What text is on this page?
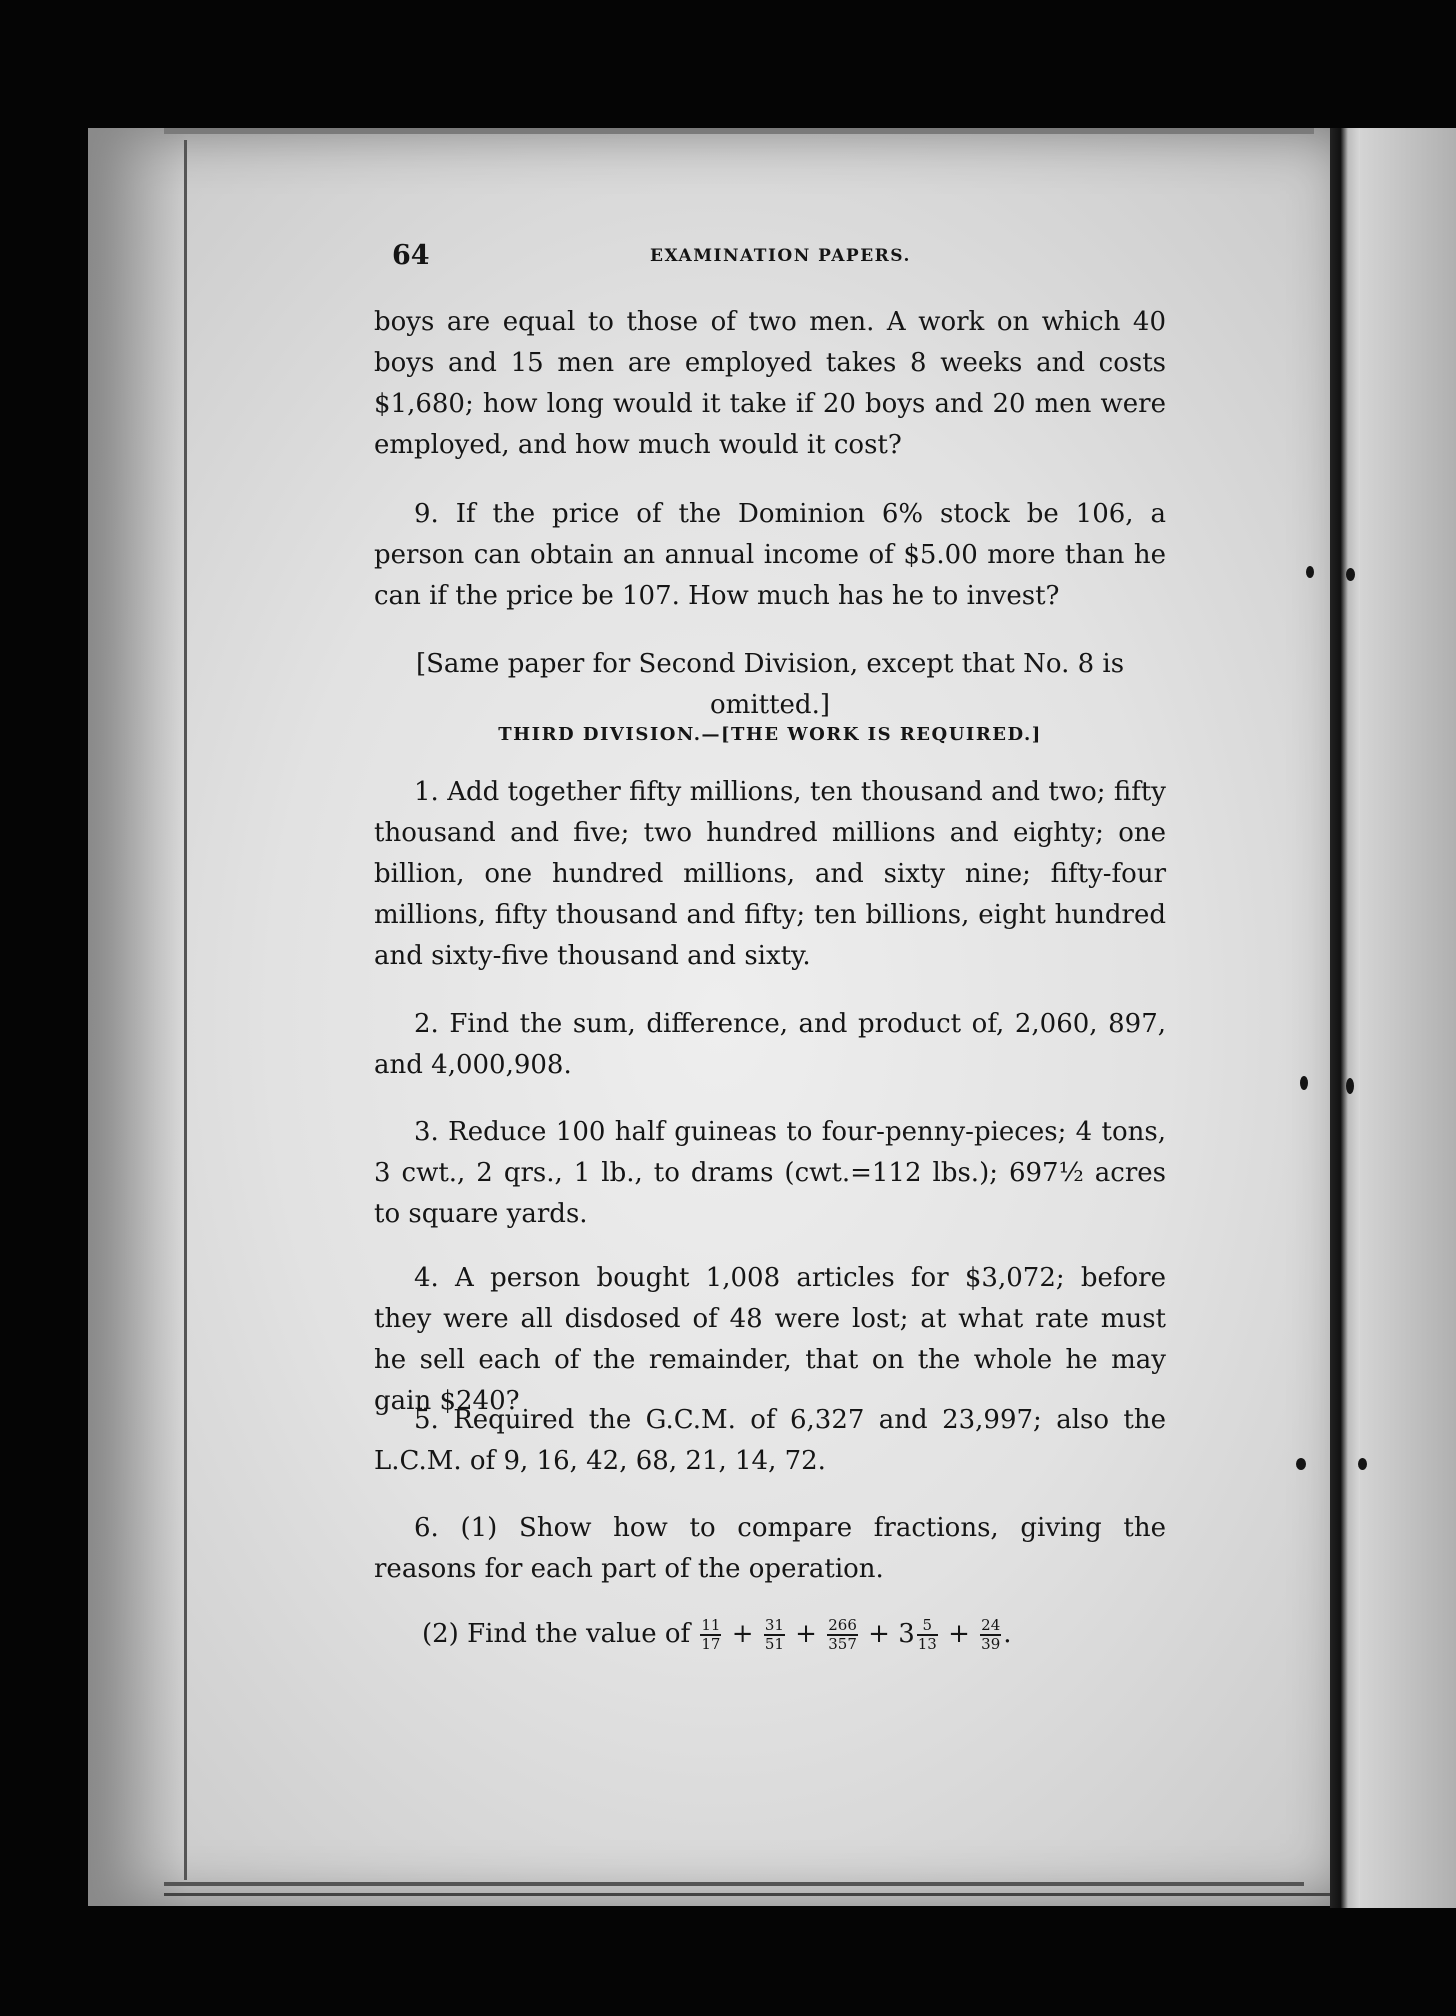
64	EXAMINATION PAPERS.

boys are equal to those of two men. A work on which 40 boys and 15 men are employed takes 8 weeks and costs $1,680; how long would it take if 20 boys and 20 men were employed, and how much would it cost?

9. If the price of the Dominion 6% stock be 106, a person can obtain an annual income of $5.00 more than he can if the price be 107. How much has he to invest?

[Same paper for Second Division, except that No. 8 is omitted.]

THIRD DIVISION.—[THE WORK IS REQUIRED.]

1. Add together fifty millions, ten thousand and two; fifty thousand and five; two hundred millions and eighty; one billion, one hundred millions, and sixty nine; fifty-four millions, fifty thousand and fifty; ten billions, eight hundred and sixty-five thousand and sixty.

2. Find the sum, difference, and product of, 2,060, 897, and 4,000,908.

3. Reduce 100 half guineas to four-penny-pieces; 4 tons, 3 cwt., 2 qrs., 1 lb., to drams (cwt.=112 lbs.); 697½ acres to square yards.

4. A person bought 1,008 articles for $3,072; before they were all disdosed of 48 were lost; at what rate must he sell each of the remainder, that on the whole he may gain $240?

5. Required the G.C.M. of 6,327 and 23,997; also the L.C.M. of 9, 16, 42, 68, 21, 14, 72.

6. (1) Show how to compare fractions, giving the reasons for each part of the operation.

(2) Find the value of $\frac{11}{17} + \frac{31}{51} + \frac{266}{357} + 3 \frac{5}{13} + \frac{24}{39}$ .
